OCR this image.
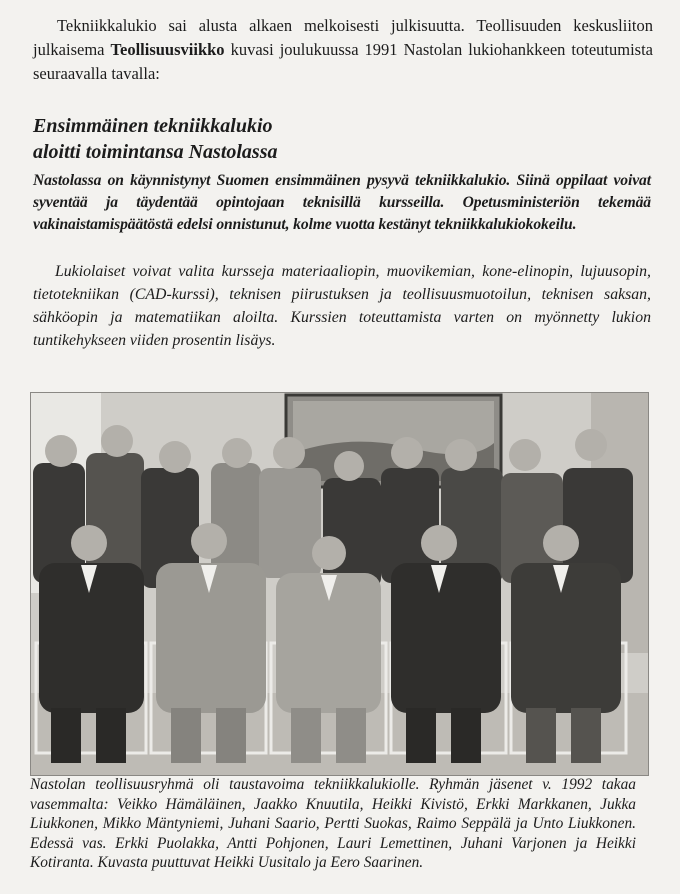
Tekniikkalukio sai alusta alkaen melkoisesti julkisuutta. Teollisuuden keskusliiton julkaisema Teollisuusviikko kuvasi joulukuussa 1991 Nastolan lukiohankkeen toteutumista seuraavalla tavalla:
Ensimmäinen tekniikkalukio
aloitti toimintansa Nastolassa
Nastolassa on käynnistynyt Suomen ensimmäinen pysyvä tekniikkalukio. Siinä oppilaat voivat syventää ja täydentää opintojaan teknisillä kursseilla. Opetusministeriön tekemää vakinaistamispäätöstä edelsi onnistunut, kolme vuotta kestänyt tekniikkalukiokokeilu.
Lukiolaiset voivat valita kursseja materiaaliopin, muovikemian, kone-elinopin, lujuusopin, tietotekniikan (CAD-kurssi), teknisen piirustuksen ja teollisuusmuotoilun, teknisen saksan, sähköopin ja matematiikan aloilta. Kurssien toteuttamista varten on myönnetty lukion tuntikehykseen viiden prosentin lisäys.
Nastolan teollisuusryhmä oli taustavoima tekniikkalukiolle. Ryhmän jäsenet v. 1992 takaa vasemmalta: Veikko Hämäläinen, Jaakko Knuutila, Heikki Kivistö, Erkki Markkanen, Jukka Liukkonen, Mikko Mäntyniemi, Juhani Saario, Pertti Suokas, Raimo Seppälä ja Unto Liukkonen. Edessä vas. Erkki Puolakka, Antti Pohjonen, Lauri Lemettinen, Juhani Varjonen ja Heikki Kotiranta. Kuvasta puuttuvat Heikki Uusitalo ja Eero Saarinen.
